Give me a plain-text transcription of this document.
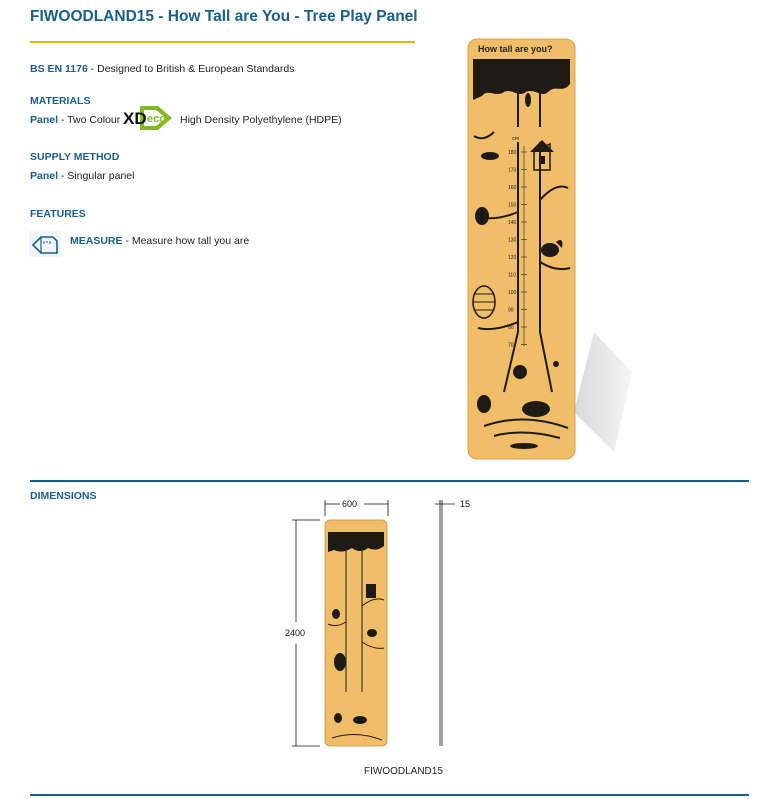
FIWOODLAND15 - How Tall are You - Tree Play Panel
BS EN 1176 - Designed to British & European Standards
MATERIALS
Panel - Two Colour XD eco High Density Polyethylene (HDPE)
SUPPLY METHOD
Panel - Singular panel
FEATURES
MEASURE - Measure how tall you are
How tall are you?
cm
180
170
160
150
140
130
120
110
100
90
80
70
DIMENSIONS
600	15
2400
FIWOODLAND15
